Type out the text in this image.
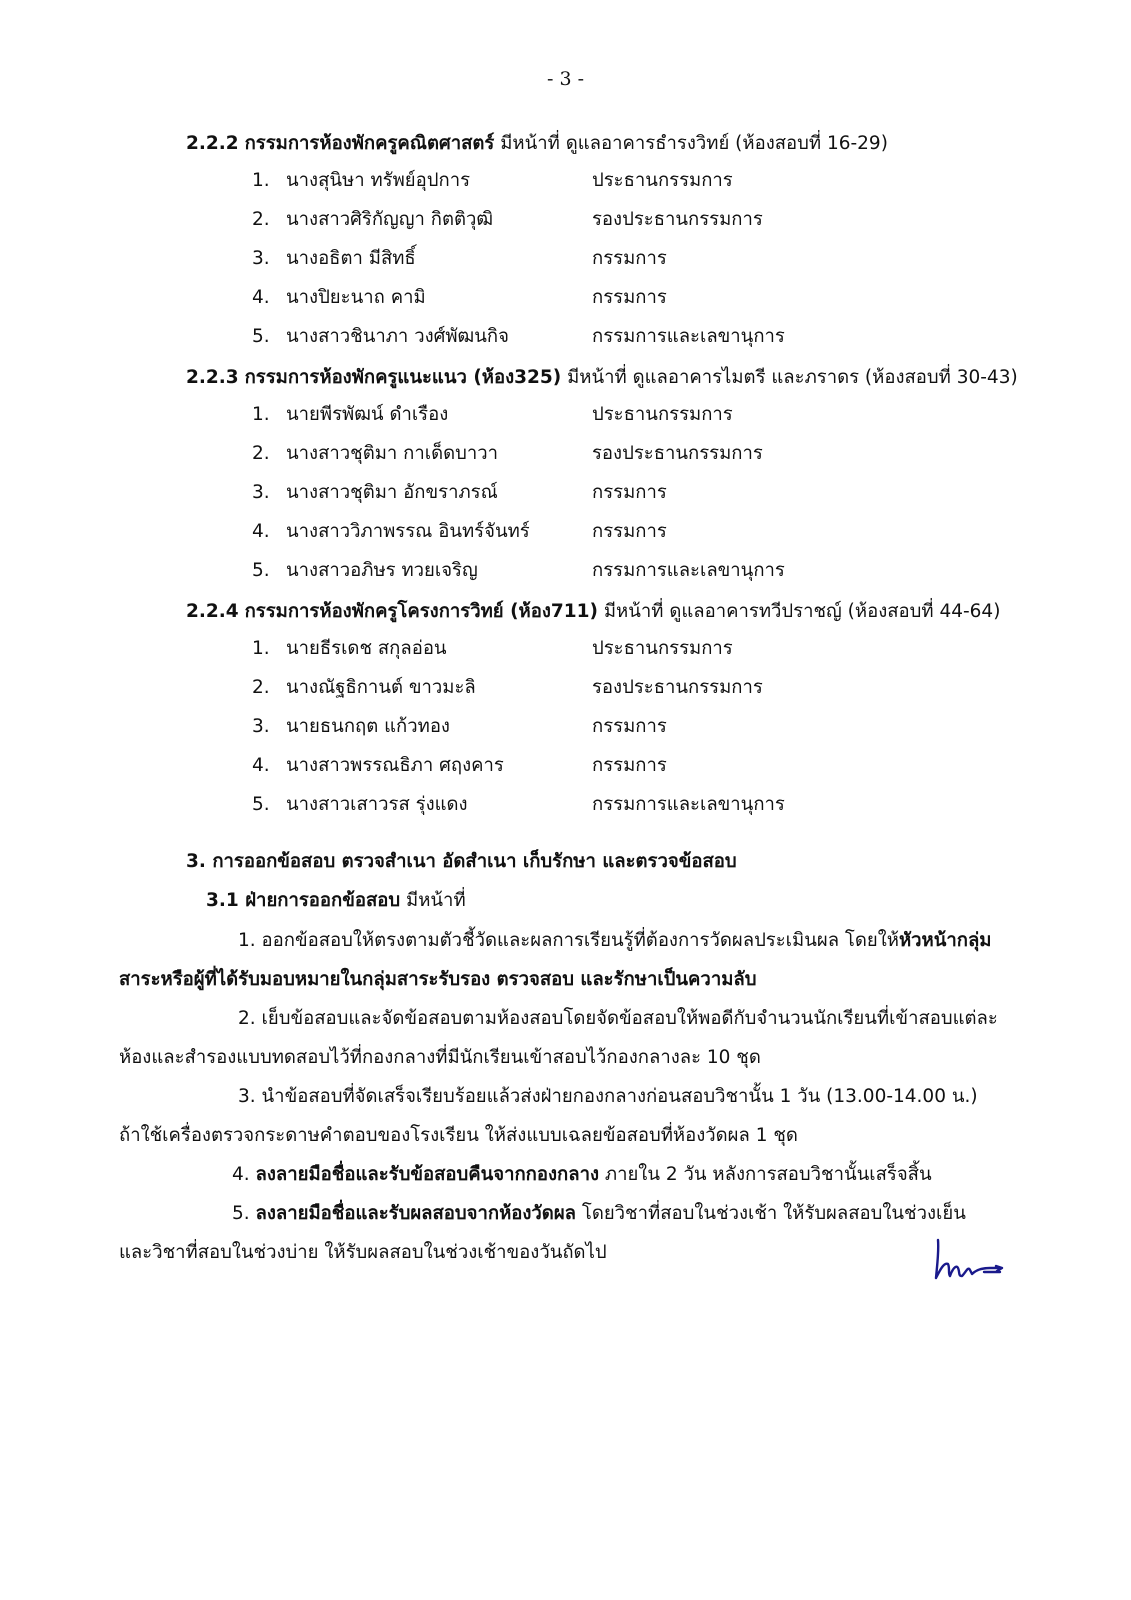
- 3 -
2.2.2 กรรมการห้องพักครูคณิตศาสตร์ มีหน้าที่ ดูแลอาคารธำรงวิทย์ (ห้องสอบที่ 16-29)
1. นางสุนิษา ทรัพย์อุปการ	ประธานกรรมการ
2. นางสาวศิริกัญญา กิตติวุฒิ	รองประธานกรรมการ
3. นางอธิตา มีสิทธิ์	กรรมการ
4. นางปิยะนาถ คามิ	กรรมการ
5. นางสาวชินาภา วงศ์พัฒนกิจ	กรรมการและเลขานุการ
2.2.3 กรรมการห้องพักครูแนะแนว (ห้อง325) มีหน้าที่ ดูแลอาคารไมตรี และภราดร (ห้องสอบที่ 30-43)
1. นายพีรพัฒน์ ดำเรือง	ประธานกรรมการ
2. นางสาวชุติมา กาเด็ดบาวา	รองประธานกรรมการ
3. นางสาวชุติมา อักขราภรณ์	กรรมการ
4. นางสาววิภาพรรณ อินทร์จันทร์	กรรมการ
5. นางสาวอภิษร ทวยเจริญ	กรรมการและเลขานุการ
2.2.4 กรรมการห้องพักครูโครงการวิทย์ (ห้อง711) มีหน้าที่ ดูแลอาคารทวีปราชญ์ (ห้องสอบที่ 44-64)
1. นายธีรเดช สกุลอ่อน	ประธานกรรมการ
2. นางณัฐธิกานต์ ขาวมะลิ	รองประธานกรรมการ
3. นายธนกฤต แก้วทอง	กรรมการ
4. นางสาวพรรณธิภา ศฤงคาร	กรรมการ
5. นางสาวเสาวรส รุ่งแดง	กรรมการและเลขานุการ
3. การออกข้อสอบ ตรวจสำเนา อัดสำเนา เก็บรักษา และตรวจข้อสอบ
3.1 ฝ่ายการออกข้อสอบ มีหน้าที่
1. ออกข้อสอบให้ตรงตามตัวชี้วัดและผลการเรียนรู้ที่ต้องการวัดผลประเมินผล โดยให้หัวหน้ากลุ่ม
สาระหรือผู้ที่ได้รับมอบหมายในกลุ่มสาระรับรอง ตรวจสอบ และรักษาเป็นความลับ
2. เย็บข้อสอบและจัดข้อสอบตามห้องสอบโดยจัดข้อสอบให้พอดีกับจำนวนนักเรียนที่เข้าสอบแต่ละ
ห้องและสำรองแบบทดสอบไว้ที่กองกลางที่มีนักเรียนเข้าสอบไว้กองกลางละ 10 ชุด
3. นำข้อสอบที่จัดเสร็จเรียบร้อยแล้วส่งฝ่ายกองกลางก่อนสอบวิชานั้น 1 วัน (13.00-14.00 น.)
ถ้าใช้เครื่องตรวจกระดาษคำตอบของโรงเรียน ให้ส่งแบบเฉลยข้อสอบที่ห้องวัดผล 1 ชุด
4. ลงลายมือชื่อและรับข้อสอบคืนจากกองกลาง ภายใน 2 วัน หลังการสอบวิชานั้นเสร็จสิ้น
5. ลงลายมือชื่อและรับผลสอบจากห้องวัดผล โดยวิชาที่สอบในช่วงเช้า ให้รับผลสอบในช่วงเย็น
และวิชาที่สอบในช่วงบ่าย ให้รับผลสอบในช่วงเช้าของวันถัดไป
